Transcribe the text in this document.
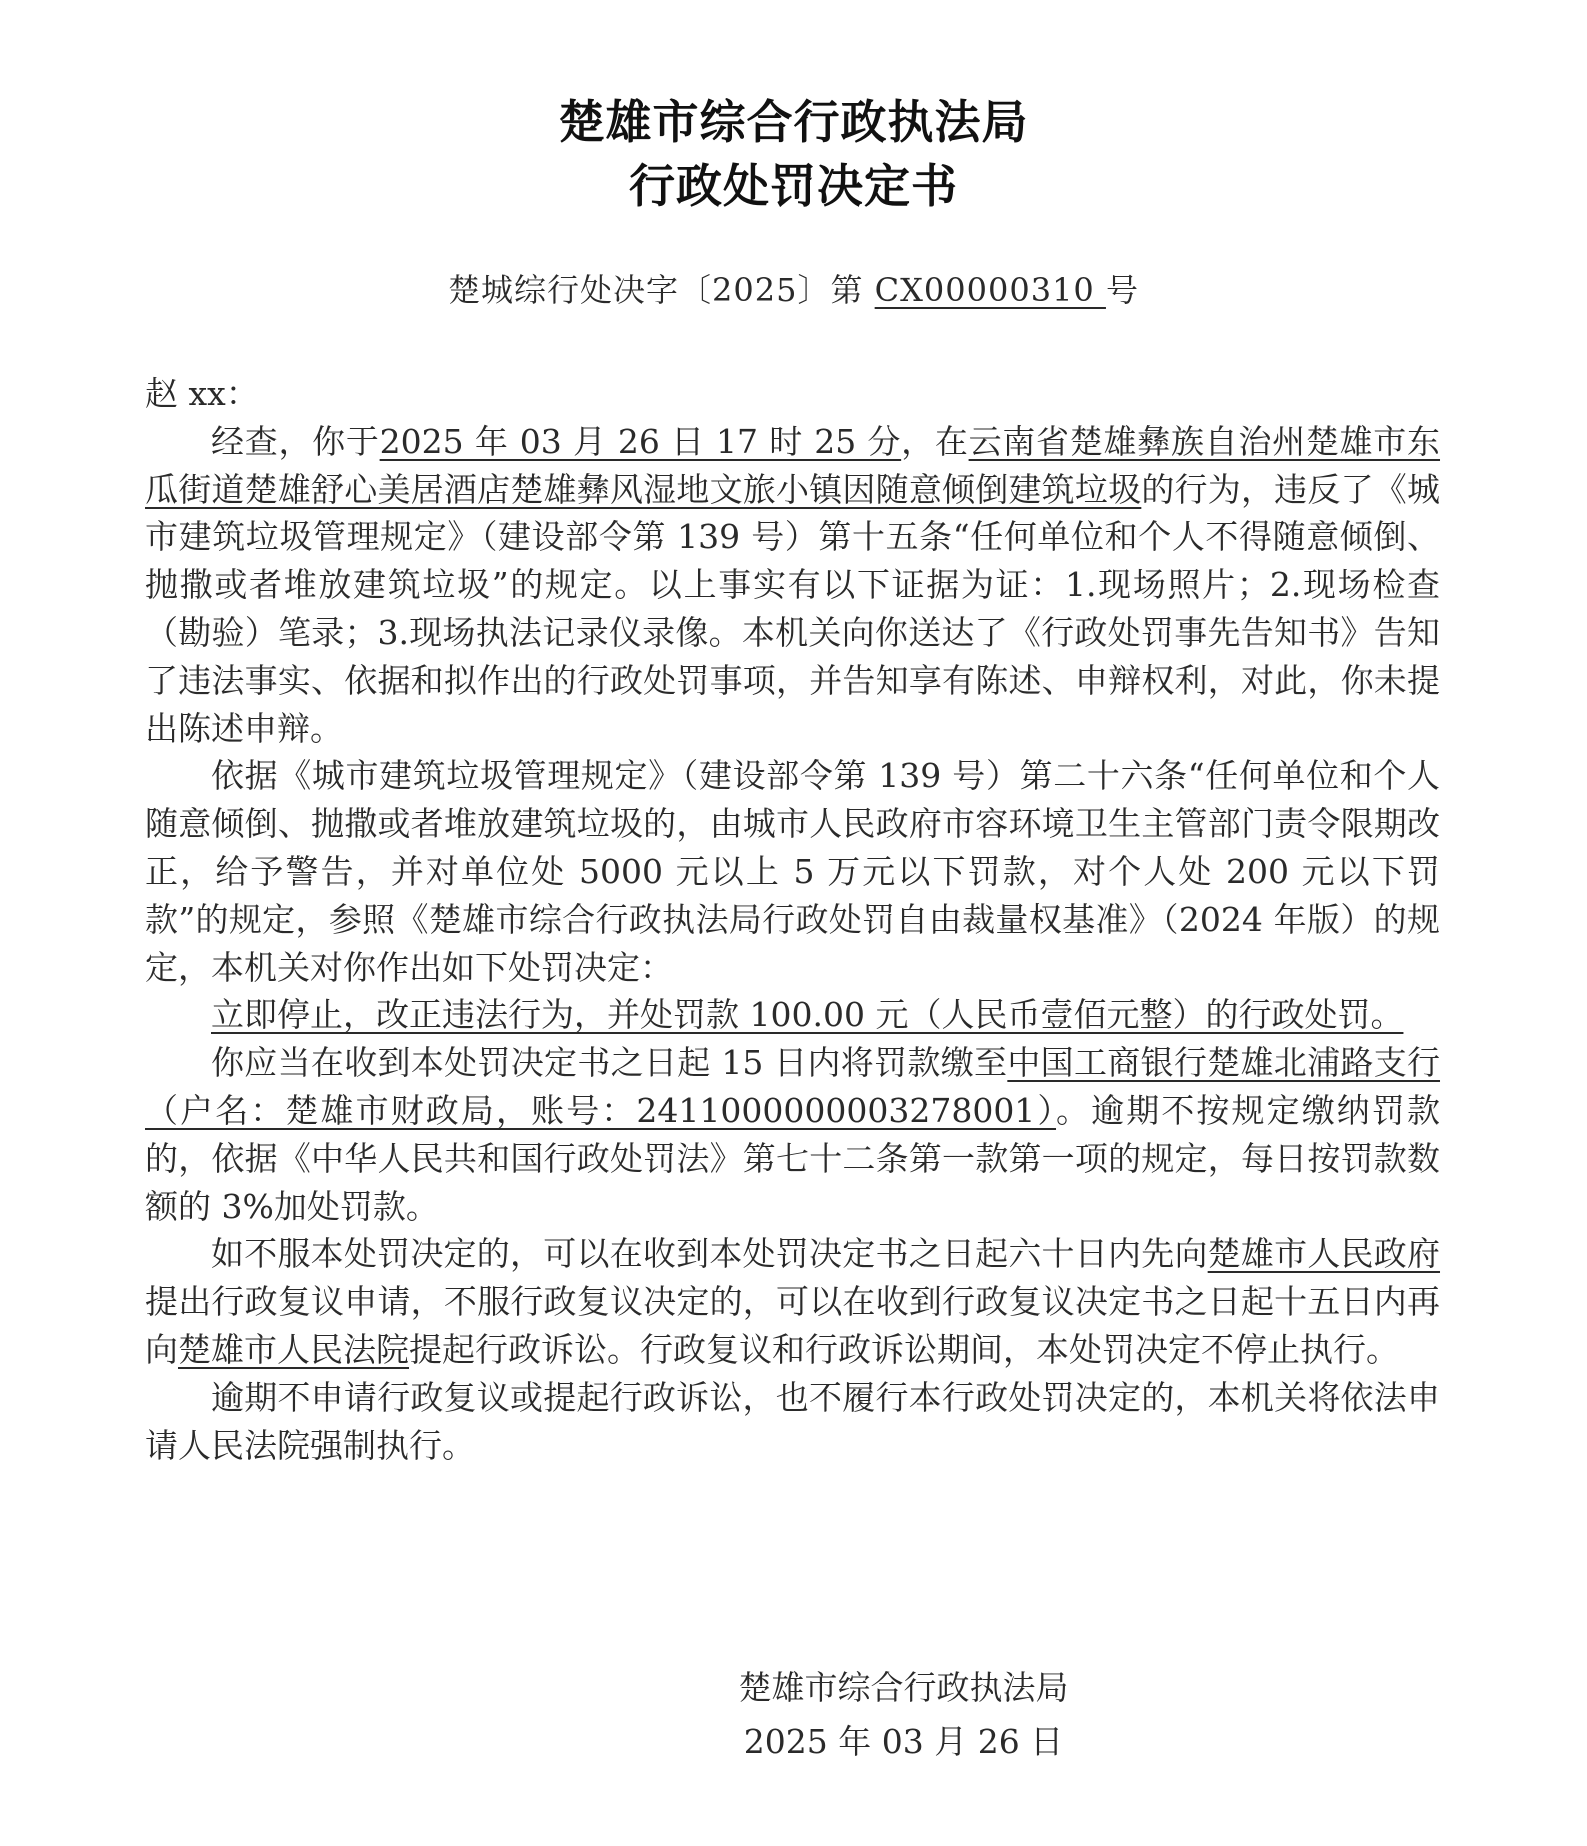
楚雄市综合行政执法局
行政处罚决定书
楚城综行处决字〔2025〕第 CX00000310 号

赵 xx：

经查，你于2025 年 03 月 26 日 17 时 25 分，在云南省楚雄彝族自治州楚雄市东瓜街道楚雄舒心美居酒店楚雄彝风湿地文旅小镇因随意倾倒建筑垃圾的行为，违反了《城市建筑垃圾管理规定》（建设部令第 139 号）第十五条“任何单位和个人不得随意倾倒、抛撒或者堆放建筑垃圾”的规定。以上事实有以下证据为证：1.现场照片；2.现场检查（勘验）笔录；3.现场执法记录仪录像。本机关向你送达了《行政处罚事先告知书》告知了违法事实、依据和拟作出的行政处罚事项，并告知享有陈述、申辩权利，对此，你未提出陈述申辩。

依据《城市建筑垃圾管理规定》（建设部令第 139 号）第二十六条“任何单位和个人随意倾倒、抛撒或者堆放建筑垃圾的，由城市人民政府市容环境卫生主管部门责令限期改正，给予警告，并对单位处 5000 元以上 5 万元以下罚款，对个人处 200 元以下罚款”的规定，参照《楚雄市综合行政执法局行政处罚自由裁量权基准》（2024 年版）的规定，本机关对你作出如下处罚决定：

立即停止，改正违法行为，并处罚款 100.00 元（人民币壹佰元整）的行政处罚。

你应当在收到本处罚决定书之日起 15 日内将罚款缴至中国工商银行楚雄北浦路支行（户名：楚雄市财政局，账号：2411000000003278001）。逾期不按规定缴纳罚款的，依据《中华人民共和国行政处罚法》第七十二条第一款第一项的规定，每日按罚款数额的 3%加处罚款。

如不服本处罚决定的，可以在收到本处罚决定书之日起六十日内先向楚雄市人民政府提出行政复议申请，不服行政复议决定的，可以在收到行政复议决定书之日起十五日内再向楚雄市人民法院提起行政诉讼。行政复议和行政诉讼期间，本处罚决定不停止执行。

逾期不申请行政复议或提起行政诉讼，也不履行本行政处罚决定的，本机关将依法申请人民法院强制执行。

楚雄市综合行政执法局
2025 年 03 月 26 日
